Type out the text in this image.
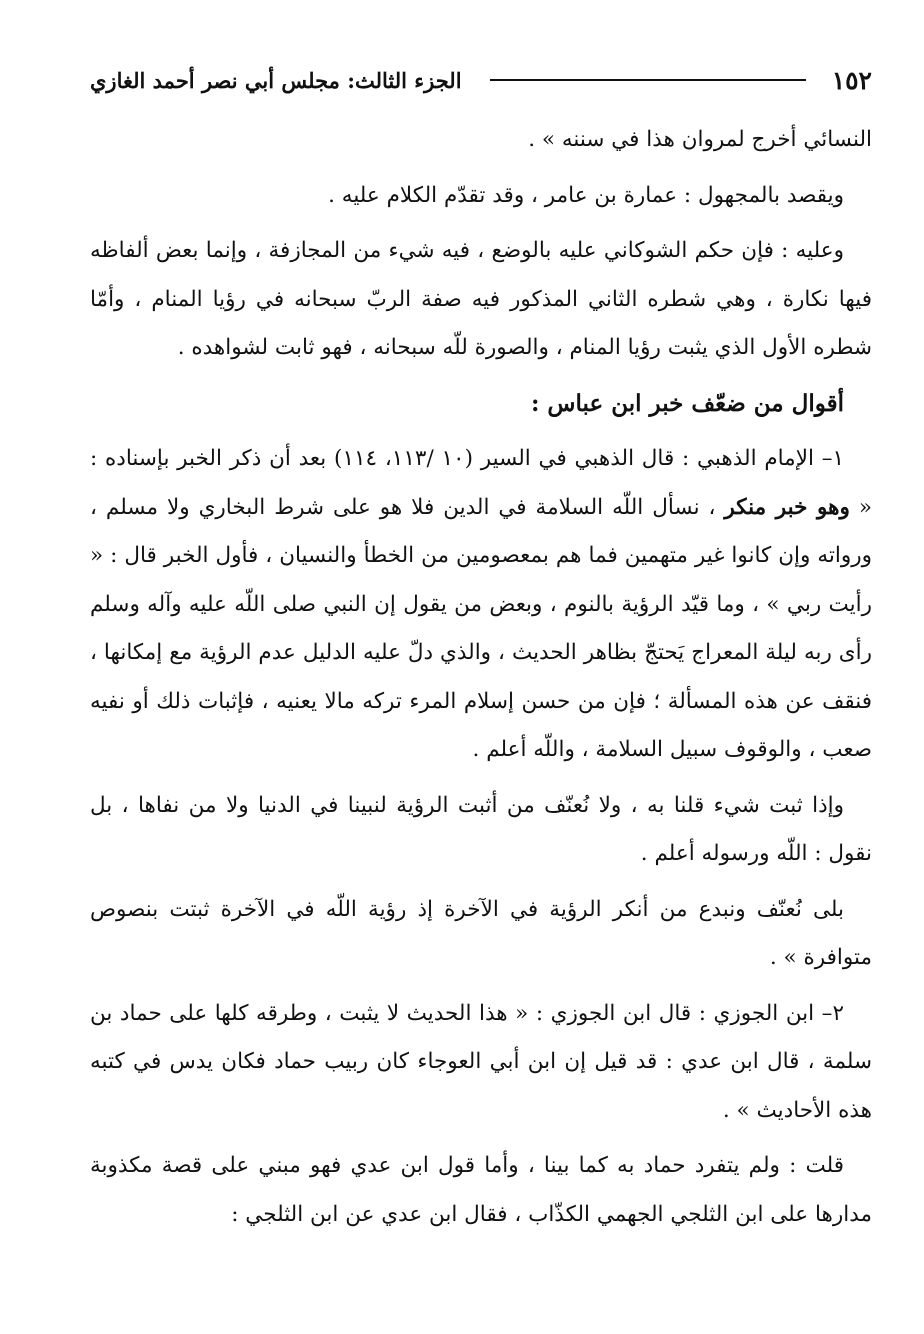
١٥٢
الجزء الثالث: مجلس أبي نصر أحمد الغازي

النسائي أخرج لمروان هذا في سننه » .

ويقصد بالمجهول : عمارة بن عامر ، وقد تقدّم الكلام عليه .

وعليه : فإن حكم الشوكاني عليه بالوضع ، فيه شيء من المجازفة ، وإنما بعض ألفاظه فيها نكارة ، وهي شطره الثاني المذكور فيه صفة الربّ سبحانه في رؤيا المنام ، وأمّا شطره الأول الذي يثبت رؤيا المنام ، والصورة للّه سبحانه ، فهو ثابت لشواهده .

أقوال من ضعّف خبر ابن عباس :

١– الإمام الذهبي : قال الذهبي في السير (١٠ /١١٣، ١١٤) بعد أن ذكر الخبر بإسناده : « وهو خبر منكر ، نسأل اللّه السلامة في الدين فلا هو على شرط البخاري ولا مسلم ، ورواته وإن كانوا غير متهمين فما هم بمعصومين من الخطأ والنسيان ، فأول الخبر قال : « رأيت ربي » ، وما قيّد الرؤية بالنوم ، وبعض من يقول إن النبي صلى اللّه عليه وآله وسلم رأى ربه ليلة المعراج يَحتجّ بظاهر الحديث ، والذي دلّ عليه الدليل عدم الرؤية مع إمكانها ، فنقف عن هذه المسألة ؛ فإن من حسن إسلام المرء تركه مالا يعنيه ، فإثبات ذلك أو نفيه صعب ، والوقوف سبيل السلامة ، واللّه أعلم .

وإذا ثبت شيء قلنا به ، ولا نُعنّف من أثبت الرؤية لنبينا في الدنيا ولا من نفاها ، بل نقول : اللّه ورسوله أعلم .

بلى نُعنّف ونبدع من أنكر الرؤية في الآخرة إذ رؤية اللّه في الآخرة ثبتت بنصوص متوافرة » .

٢– ابن الجوزي : قال ابن الجوزي : « هذا الحديث لا يثبت ، وطرقه كلها على حماد بن سلمة ، قال ابن عدي : قد قيل إن ابن أبي العوجاء كان ربيب حماد فكان يدس في كتبه هذه الأحاديث » .

قلت : ولم يتفرد حماد به كما بينا ، وأما قول ابن عدي فهو مبني على قصة مكذوبة مدارها على ابن الثلجي الجهمي الكذّاب ، فقال ابن عدي عن ابن الثلجي :
